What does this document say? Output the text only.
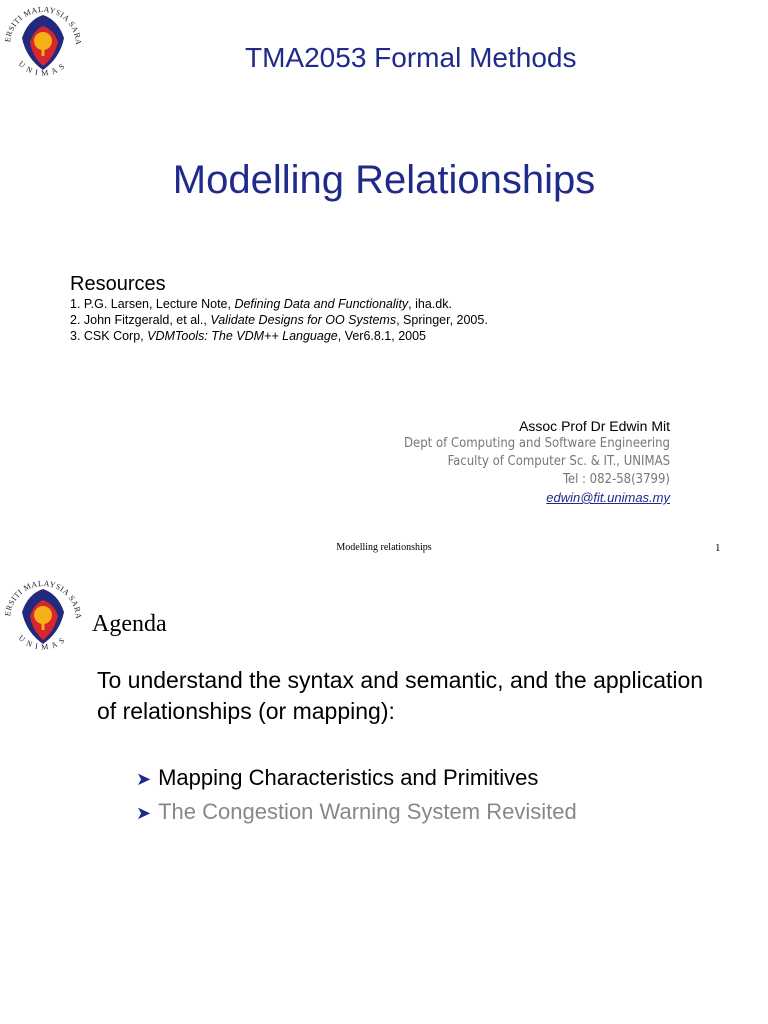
ERSITI MALAYSIA SARA
UNIMAS	TMA2053 Formal Methods
Modelling Relationships
Resources
1. P.G. Larsen, Lecture Note, Defining Data and Functionality, iha.dk.
2. John Fitzgerald, et al., Validate Designs for OO Systems, Springer, 2005.
3. CSK Corp, VDMTools: The VDM++ Language, Ver6.8.1, 2005
Assoc Prof Dr Edwin Mit
Dept of Computing and Software Engineering
Faculty of Computer Sc. & IT., UNIMAS
Tel : 082-58(3799)
edwin@fit.unimas.my
Modelling relationships	1
ERSITI MALAYSIA SARA
UNIMAS
Agenda
To understand the syntax and semantic, and the application of relationships (or mapping):
➤ Mapping Characteristics and Primitives
➤ The Congestion Warning System Revisited
